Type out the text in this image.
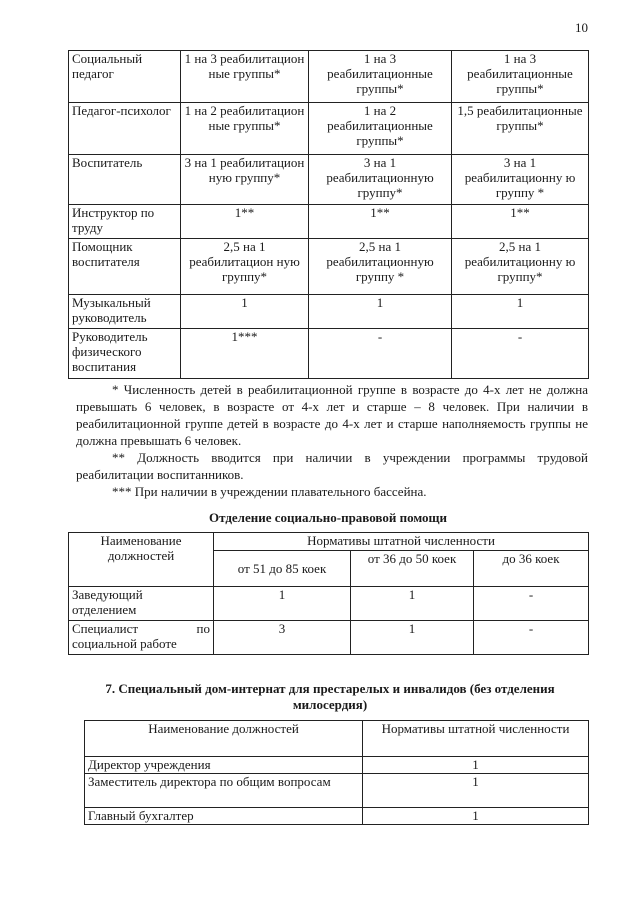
10
Социальный педагог	1 на 3 реабилитацион ные группы*	1 на 3 реабилитационные группы*	1 на 3 реабилитационные группы*
Педагог-психолог	1 на 2 реабилитацион ные группы*	1 на 2 реабилитационные группы*	1,5 реабилитационные группы*
Воспитатель	3 на 1 реабилитацион ную группу*	3 на 1 реабилитационную группу*	3 на 1 реабилитационну ю группу *
Инструктор по труду	1**	1**	1**
Помощник воспитателя	2,5 на 1 реабилитацион ную группу*	2,5 на 1 реабилитационную группу *	2,5 на 1 реабилитационну ю группу*
Музыкальный руководитель	1	1	1
Руководитель физического воспитания	1***	-	-

* Численность детей в реабилитационной группе в возрасте до 4-х лет не должна превышать 6 человек, в возрасте от 4-х лет и старше – 8 человек. При наличии в реабилитационной группе детей в возрасте до 4-х лет и старше наполняемость группы не должна превышать 6 человек.

** Должность вводится при наличии в учреждении программы трудовой реабилитации воспитанников.

*** При наличии в учреждении плавательного бассейна.

Отделение социально-правовой помощи
Наименование должностей	Нормативы штатной численности		
	от 51 до 85 коек	от 36 до 50 коек	до 36 коек
Заведующий отделением	1	1	-
Специалист по социальной работе	3	1	-
7. Специальный дом-интернат для престарелых и инвалидов (без отделения милосердия)
Наименование должностей	Нормативы штатной численности
Директор учреждения	1
Заместитель директора по общим вопросам	1
Главный бухгалтер	1
